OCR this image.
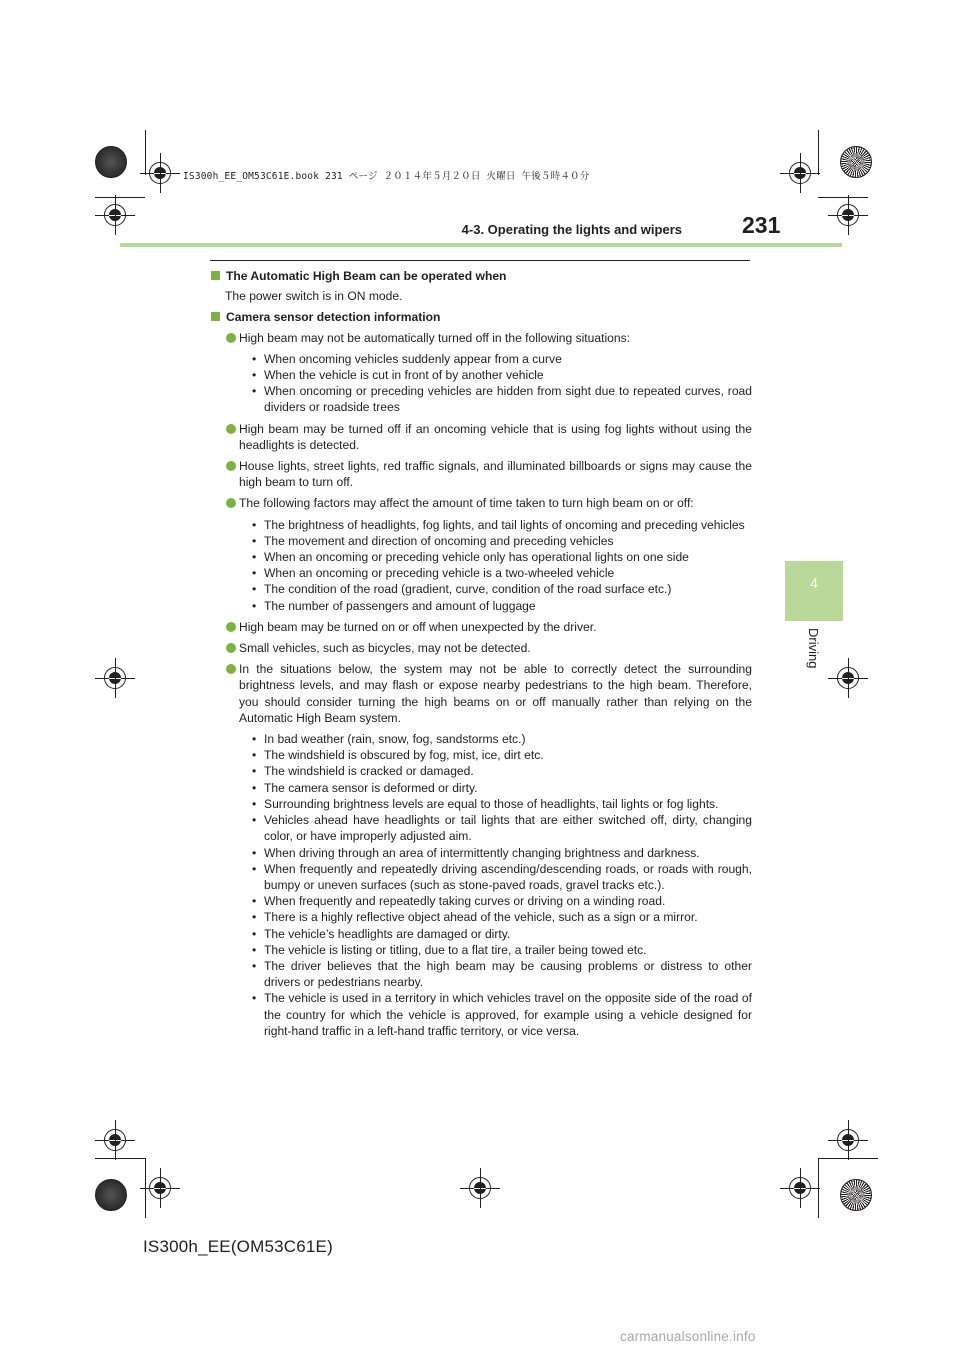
IS300h_EE_OM53C61E.book 231 ページ ２０１４年５月２０日 火曜日 午後５時４０分
4-3. Operating the lights and wipers	231
4
Driving
The Automatic High Beam can be operated when
The power switch is in ON mode.
Camera sensor detection information
High beam may not be automatically turned off in the following situations:
• When oncoming vehicles suddenly appear from a curve
• When the vehicle is cut in front of by another vehicle
• When oncoming or preceding vehicles are hidden from sight due to repeated curves, road dividers or roadside trees
High beam may be turned off if an oncoming vehicle that is using fog lights without using the headlights is detected.
House lights, street lights, red traffic signals, and illuminated billboards or signs may cause the high beam to turn off.
The following factors may affect the amount of time taken to turn high beam on or off:
• The brightness of headlights, fog lights, and tail lights of oncoming and preceding vehicles
• The movement and direction of oncoming and preceding vehicles
• When an oncoming or preceding vehicle only has operational lights on one side
• When an oncoming or preceding vehicle is a two-wheeled vehicle
• The condition of the road (gradient, curve, condition of the road surface etc.)
• The number of passengers and amount of luggage
High beam may be turned on or off when unexpected by the driver.
Small vehicles, such as bicycles, may not be detected.
In the situations below, the system may not be able to correctly detect the surrounding brightness levels, and may flash or expose nearby pedestrians to the high beam. Therefore, you should consider turning the high beams on or off manually rather than relying on the Automatic High Beam system.
• In bad weather (rain, snow, fog, sandstorms etc.)
• The windshield is obscured by fog, mist, ice, dirt etc.
• The windshield is cracked or damaged.
• The camera sensor is deformed or dirty.
• Surrounding brightness levels are equal to those of headlights, tail lights or fog lights.
• Vehicles ahead have headlights or tail lights that are either switched off, dirty, changing color, or have improperly adjusted aim.
• When driving through an area of intermittently changing brightness and darkness.
• When frequently and repeatedly driving ascending/descending roads, or roads with rough, bumpy or uneven surfaces (such as stone-paved roads, gravel tracks etc.).
• When frequently and repeatedly taking curves or driving on a winding road.
• There is a highly reflective object ahead of the vehicle, such as a sign or a mirror.
• The vehicle’s headlights are damaged or dirty.
• The vehicle is listing or titling, due to a flat tire, a trailer being towed etc.
• The driver believes that the high beam may be causing problems or distress to other drivers or pedestrians nearby.
• The vehicle is used in a territory in which vehicles travel on the opposite side of the road of the country for which the vehicle is approved, for example using a vehicle designed for right-hand traffic in a left-hand traffic territory, or vice versa.
IS300h_EE(OM53C61E)
carmanualsonline.info
